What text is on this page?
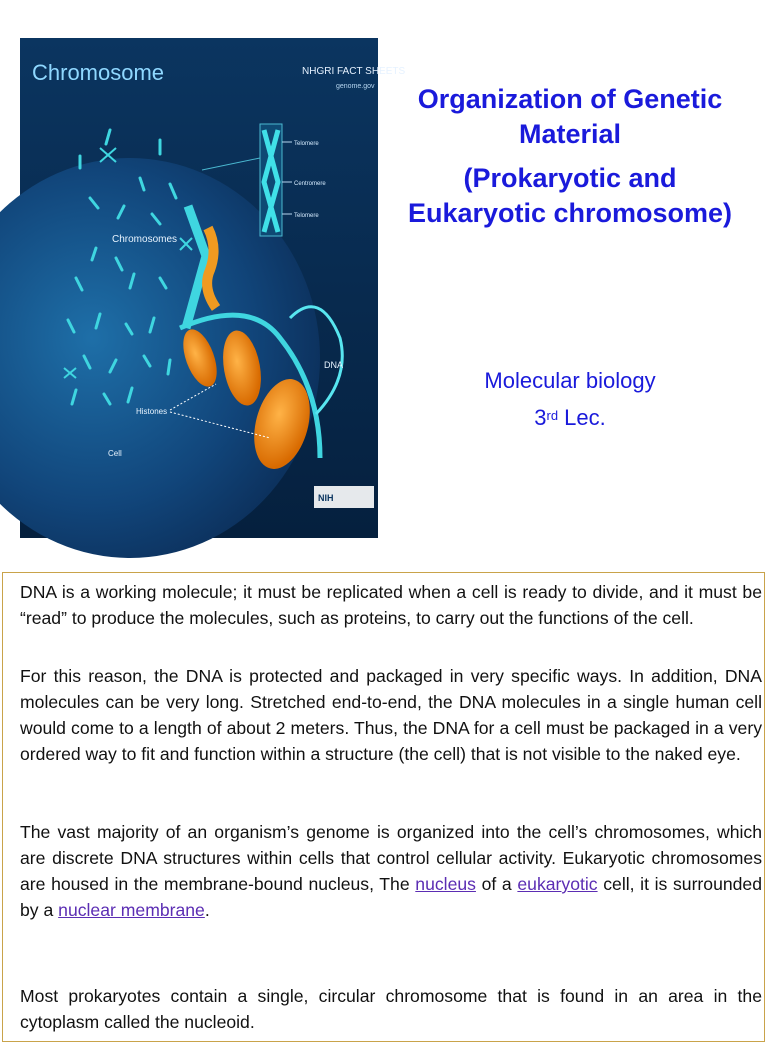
Chromosome	NHGRI FACT SHEETS
genome.gov
Chromosomes
Telomere
Centromere
Telomere
DNA
Histones
Cell
NIH
Organization of Genetic
Material
(Prokaryotic and
Eukaryotic chromosome)
Molecular biology
3rd Lec.
DNA is a working molecule; it must be replicated when a cell is ready to divide, and it must be “read” to produce the molecules, such as proteins, to carry out the functions of the cell.
For this reason, the DNA is protected and packaged in very specific ways. In addition, DNA molecules can be very long. Stretched end-to-end, the DNA molecules in a single human cell would come to a length of about 2 meters. Thus, the DNA for a cell must be packaged in a very ordered way to fit and function within a structure (the cell) that is not visible to the naked eye.
The vast majority of an organism’s genome is organized into the cell’s chromosomes, which are discrete DNA structures within cells that control cellular activity. Eukaryotic chromosomes are housed in the membrane-bound nucleus, The nucleus of a eukaryotic cell, it is surrounded by a nuclear membrane.
Most prokaryotes contain a single, circular chromosome that is found in an area in the cytoplasm called the nucleoid.
